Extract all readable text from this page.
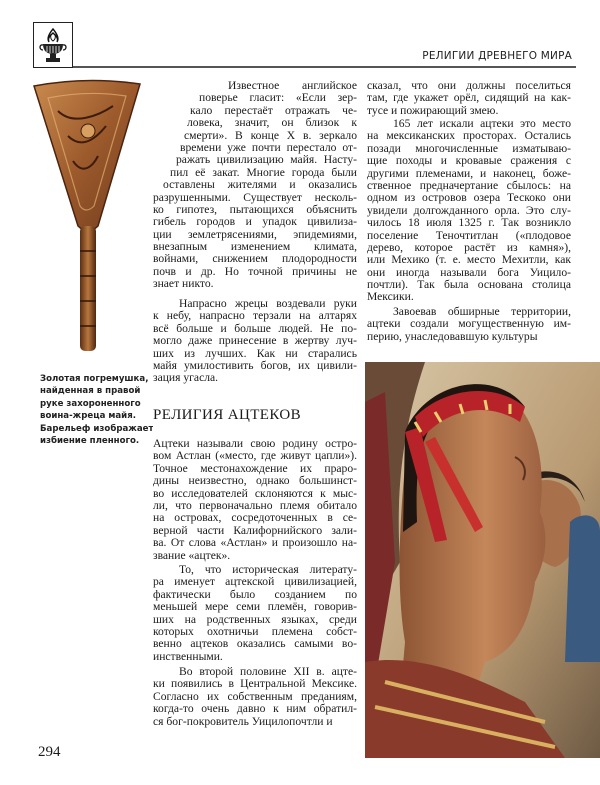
РЕЛИГИИ ДРЕВНЕГО МИРА
Золотая погремушка,
найденная в правой
руке захороненного
воина-жреца майя.
Барельеф изображает
избиение пленного.
Известное английское
поверье гласит: «Если зер-
кало перестаёт отражать че-
ловека, значит, он близок к
смерти». В конце X в. зеркало
времени уже почти перестало от-
ражать цивилизацию майя. Насту-
пил её закат. Многие города были
оставлены жителями и оказались
разрушенными. Существует несколь-
ко гипотез, пытающихся объяснить
гибель городов и упадок цивилиза-
ции землетрясениями, эпидемиями,
внезапным изменением климата,
войнами, снижением плодородности
почв и др. Но точной причины не
знает никто.
Напрасно жрецы воздевали руки
к небу, напрасно терзали на алтарях
всё больше и больше людей. Не по-
могло даже принесение в жертву луч-
ших из лучших. Как ни старались
майя умилостивить богов, их цивили-
зация угасла.
РЕЛИГИЯ АЦТЕКОВ
Ацтеки называли свою родину остро-
вом Астлан («место, где живут цапли»).
Точное местонахождение их праро-
дины неизвестно, однако большинст-
во исследователей склоняются к мыс-
ли, что первоначально племя обитало
на островах, сосредоточенных в се-
верной части Калифорнийского зали-
ва. От слова «Астлан» и произошло на-
звание «ацтек».
То, что историческая литерату-
ра именует ацтекской цивилизацией,
фактически было созданием по
меньшей мере семи племён, говорив-
ших на родственных языках, среди
которых охотничьи племена собст-
венно ацтеков оказались самыми во-
инственными.
Во второй половине XII в. ацте-
ки появились в Центральной Мексике.
Согласно их собственным преданиям,
когда-то очень давно к ним обратил-
ся бог-покровитель Уицилопочтли и
сказал, что они должны поселиться
там, где укажет орёл, сидящий на как-
тусе и пожирающий змею.
165 лет искали ацтеки это место
на мексиканских просторах. Остались
позади многочисленные изматываю-
щие походы и кровавые сражения с
другими племенами, и наконец, боже-
ственное предначертание сбылось: на
одном из островов озера Тескоко они
увидели долгожданного орла. Это слу-
чилось 18 июля 1325 г. Так возникло
поселение Теночтитлан («плодовое
дерево, которое растёт из камня»),
или Мехико (т. е. место Мехитли, как
они иногда называли бога Уицило-
почтли). Так была основана столица
Мексики.
Завоевав обширные территории,
ацтеки создали могущественную им-
перию, унаследовавшую культуры
294
